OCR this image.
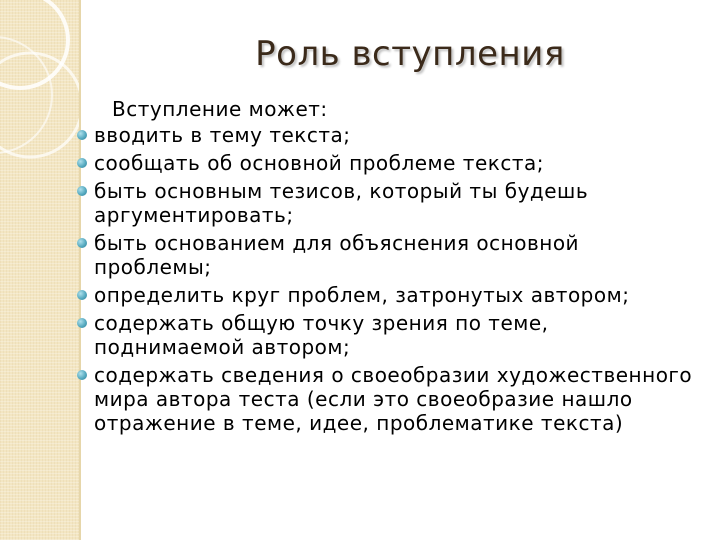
Роль вступления
Вступление может:
вводить в тему текста;
сообщать об основной проблеме текста;
быть основным тезисов, который ты будешь аргументировать;
быть основанием для объяснения основной проблемы;
определить круг проблем, затронутых автором;
содержать общую точку зрения по теме, поднимаемой автором;
содержать сведения о своеобразии художественного мира автора теста (если это своеобразие нашло отражение в теме, идее, проблематике текста)
